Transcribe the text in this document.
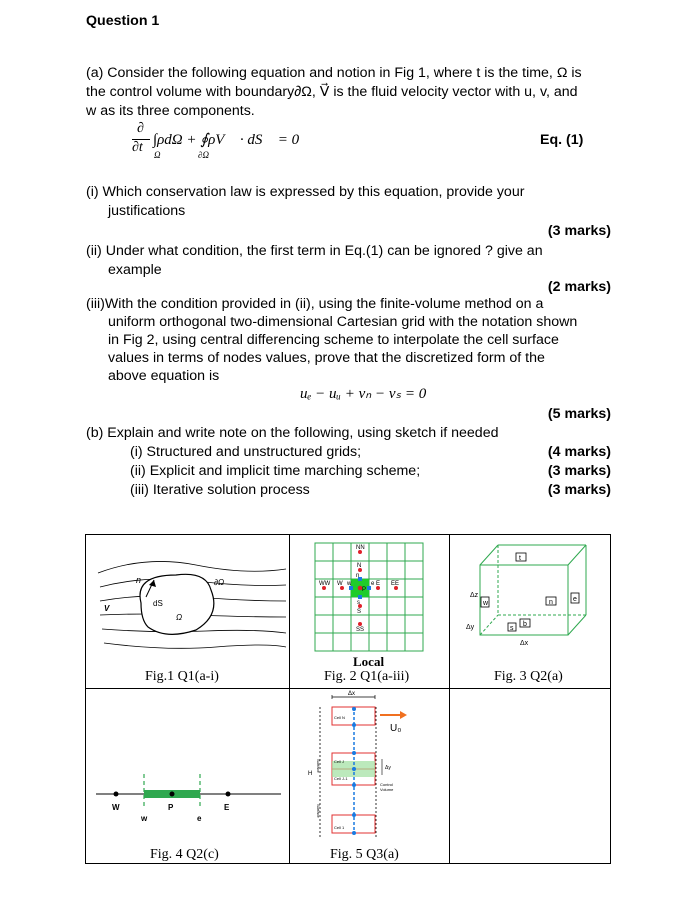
Question 1
(a) Consider the following equation and notion in Fig 1, where t is the time, Ω is
the control volume with boundary∂Ω, V⃗ is the fluid velocity vector with u, v, and
w as its three components.
∂
∂t ∫ρdΩ + ∮ρV⃗ · dS⃗ = 0
Ω	∂Ω
Eq. (1)
(i) Which conservation law is expressed by this equation, provide your
justifications
(3 marks)
(ii) Under what condition, the first term in Eq.(1) can be ignored ? give an
example
(2 marks)
(iii)With the condition provided in (ii), using the finite-volume method on a
uniform orthogonal two-dimensional Cartesian grid with the notation shown
in Fig 2, using central differencing scheme to interpolate the cell surface
values in terms of nodes values, prove that the discretized form of the
above equation is
uₑ − uᵤ + vₙ − vₛ = 0
(5 marks)
(b) Explain and write note on the following, using sketch if needed
(i) Structured and unstructured grids;	(4 marks)
(ii) Explicit and implicit time marching scheme;	(3 marks)
(iii) Iterative solution process	(3 marks)
n
dS
∂Ω
Ω
V
Fig.1 Q1(a-i)
NN
N
n
WW W w
P
e E EE
s
S
SS
Local
Fig. 2 Q1(a-iii)
t
b
w
s
n	e
Δz
Δy
Δx
Fig. 3 Q2(a)
W
w
P
e
E
Fig. 4 Q2(c)
Δx
U₀
Cell N
Cell 1
Cell J
Cell J-1
Δy
H
Control
Volume
Surface
Surface
Fig. 5 Q3(a)
